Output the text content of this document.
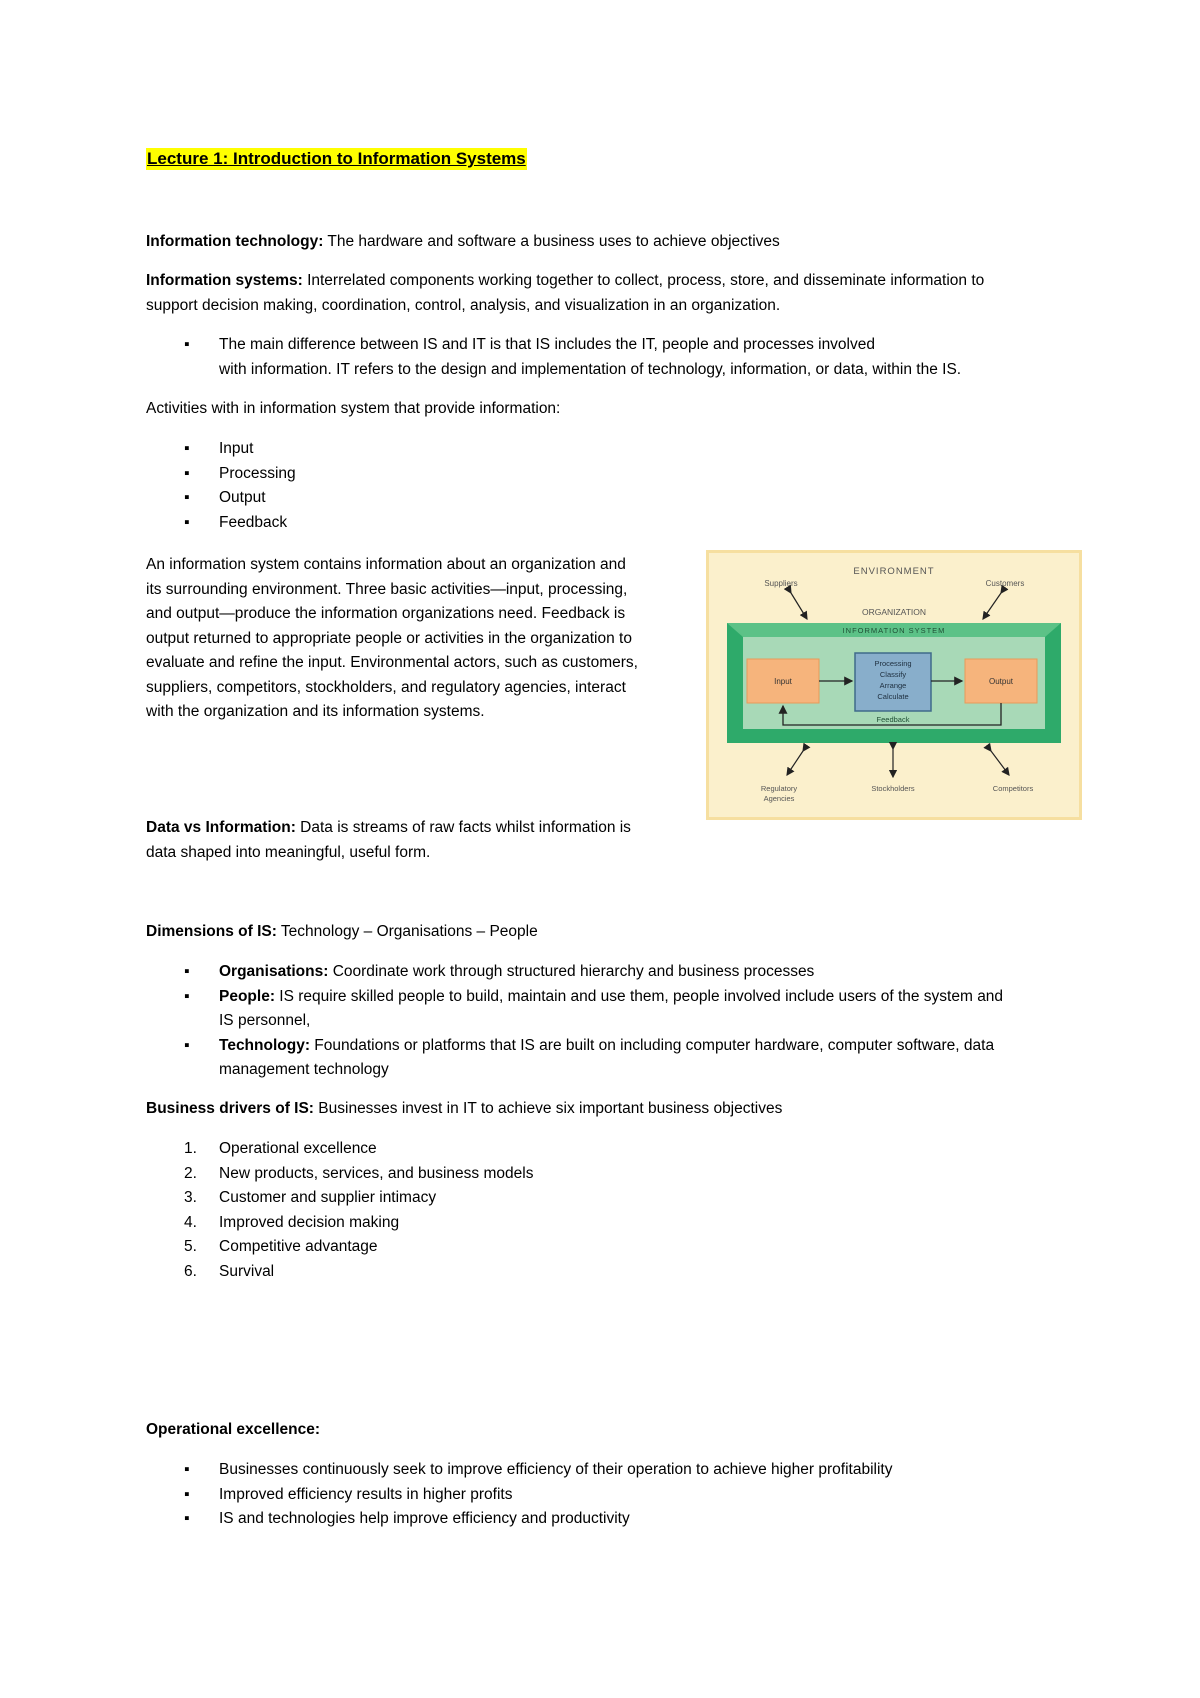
Lecture 1: Introduction to Information Systems

Information technology: The hardware and software a business uses to achieve objectives

Information systems: Interrelated components working together to collect, process, store, and disseminate information to
support decision making, coordination, control, analysis, and visualization in an organization.

▪ The main difference between IS and IT is that IS includes the IT, people and processes involved
with information. IT refers to the design and implementation of technology, information, or data, within the IS.

Activities with in information system that provide information:

▪ Input
▪ Processing
▪ Output
▪ Feedback

An information system contains information about an organization and
its surrounding environment. Three basic activities—input, processing,
and output—produce the information organizations need. Feedback is
output returned to appropriate people or activities in the organization to
evaluate and refine the input. Environmental actors, such as customers,
suppliers, competitors, stockholders, and regulatory agencies, interact
with the organization and its information systems.

ENVIRONMENT
Suppliers	Customers
ORGANIZATION
INFORMATION SYSTEM
Input
Processing
Classify
Arrange
Calculate
Output
Feedback
Regulatory
Agencies
Stockholders	Competitors

Data vs Information: Data is streams of raw facts whilst information is
data shaped into meaningful, useful form.

Dimensions of IS: Technology – Organisations – People

▪ Organisations: Coordinate work through structured hierarchy and business processes
▪ People: IS require skilled people to build, maintain and use them, people involved include users of the system and
IS personnel,
▪ Technology: Foundations or platforms that IS are built on including computer hardware, computer software, data
management technology

Business drivers of IS: Businesses invest in IT to achieve six important business objectives

1. Operational excellence
2. New products, services, and business models
3. Customer and supplier intimacy
4. Improved decision making
5. Competitive advantage
6. Survival

Operational excellence:

▪ Businesses continuously seek to improve efficiency of their operation to achieve higher profitability
▪ Improved efficiency results in higher profits
▪ IS and technologies help improve efficiency and productivity
